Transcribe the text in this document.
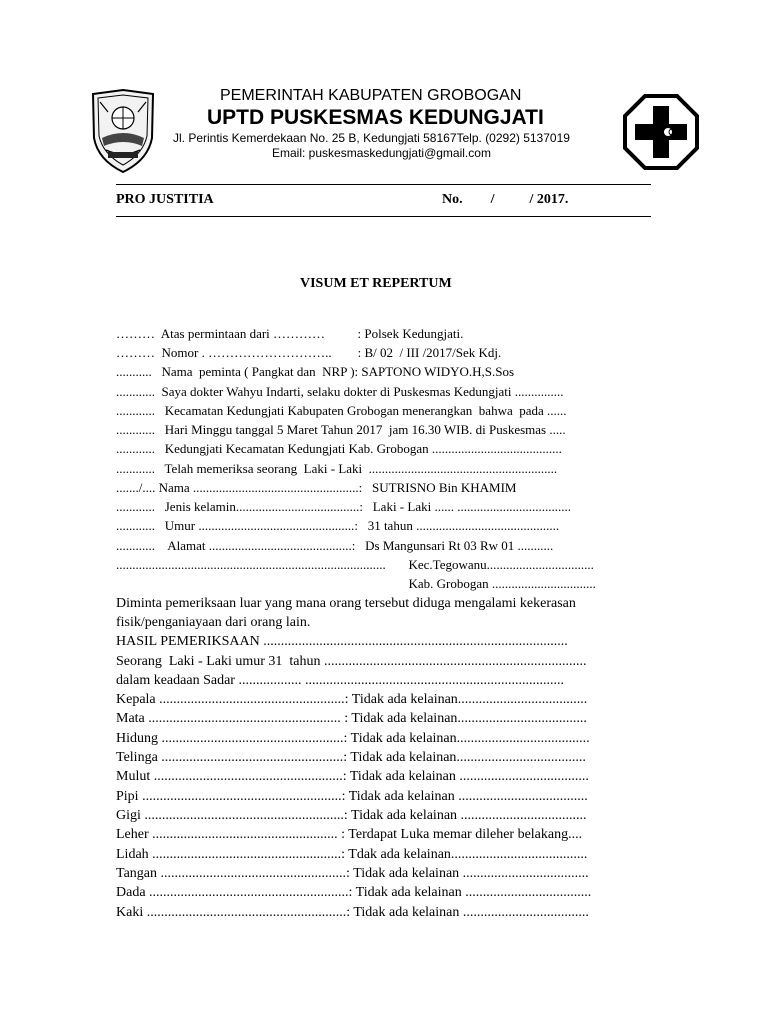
PEMERINTAH KABUPATEN GROBOGAN
UPTD PUSKESMAS KEDUNGJATI
Jl. Perintis Kemerdekaan No. 25 B, Kedungjati 58167Telp. (0292) 5137019
Email: puskesmaskedungjati@gmail.com
PRO JUSTITIA	No.        /          / 2017.
VISUM ET REPERTUM
………  Atas permintaan dari …………          : Polsek Kedungjati.
………  Nomor . ………………………..        : B/ 02  / III /2017/Sek Kdj.
...........   Nama  peminta ( Pangkat dan  NRP ): SAPTONO WIDYO.H,S.Sos
............  Saya dokter Wahyu Indarti, selaku dokter di Puskesmas Kedungjati ...............
............   Kecamatan Kedungjati Kabupaten Grobogan menerangkan  bahwa  pada ......
............   Hari Minggu tanggal 5 Maret Tahun 2017  jam 16.30 WIB. di Puskesmas .....
............   Kedungjati Kecamatan Kedungjati Kab. Grobogan ........................................
............   Telah memeriksa seorang  Laki - Laki  ..........................................................
......./.... Nama ...................................................:   SUTRISNO Bin KHAMIM
............   Jenis kelamin......................................:   Laki - Laki ...... ...................................
............   Umur ................................................:   31 tahun ............................................
............    Alamat ............................................:   Ds Mangunsari Rt 03 Rw 01 ...........
...................................................................................       Kec.Tegowanu.................................
Kab. Grobogan ................................
Diminta pemeriksaan luar yang mana orang tersebut diduga mengalami kekerasan
fisik/penganiayaan dari orang lain.
HASIL PEMERIKSAAN .......................................................................................
Seorang  Laki - Laki umur 31  tahun ...........................................................................
dalam keadaan Sadar .................. ..........................................................................
Kepala .....................................................: Tidak ada kelainan.....................................
Mata ....................................................... : Tidak ada kelainan.....................................
Hidung ....................................................: Tidak ada kelainan......................................
Telinga ....................................................: Tidak ada kelainan.....................................
Mulut ......................................................: Tidak ada kelainan .....................................
Pipi .........................................................: Tidak ada kelainan .....................................
Gigi .........................................................: Tidak ada kelainan ....................................
Leher ..................................................... : Terdapat Luka memar dileher belakang....
Lidah ......................................................: Tdak ada kelainan.......................................
Tangan .....................................................: Tidak ada kelainan ....................................
Dada .........................................................: Tidak ada kelainan ....................................
Kaki .........................................................: Tidak ada kelainan ....................................
